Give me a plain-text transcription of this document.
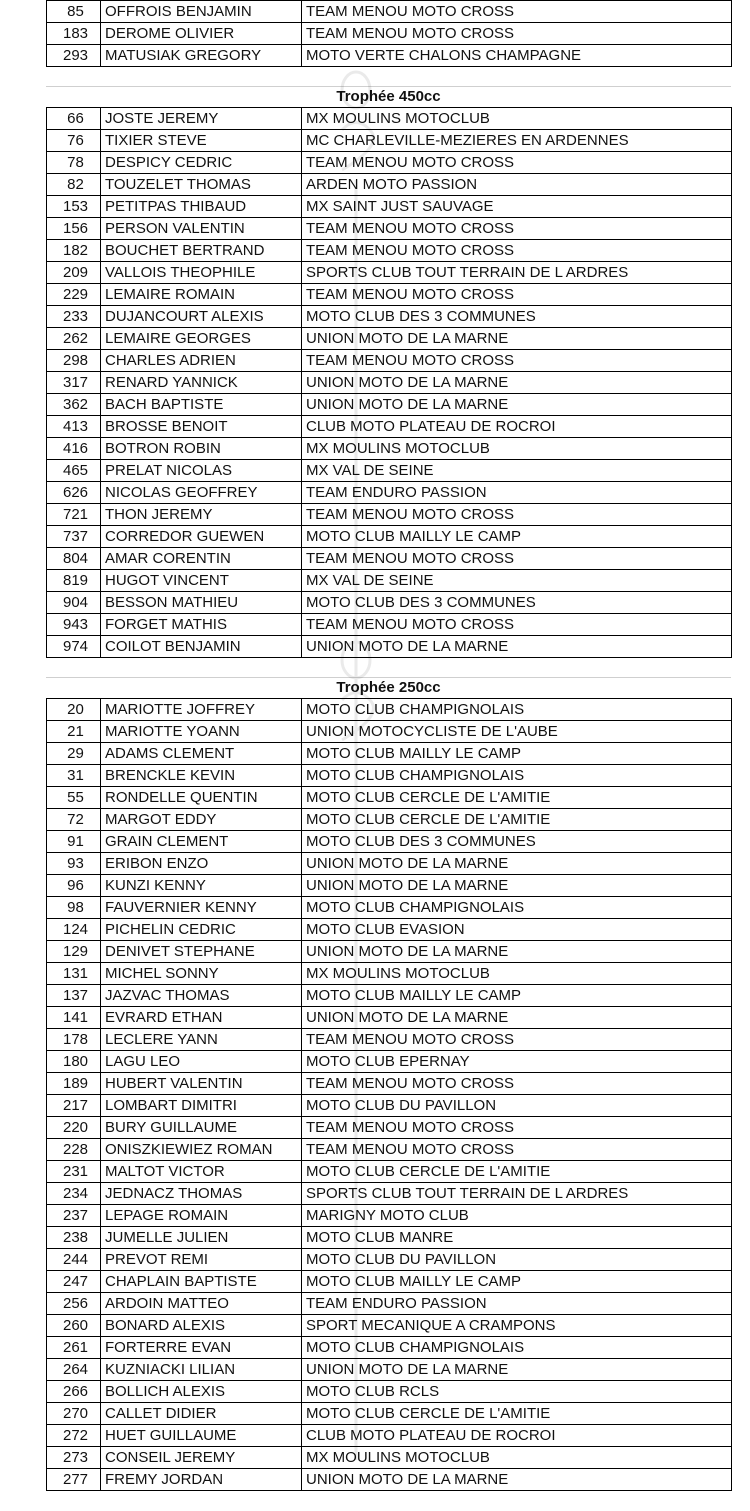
85	OFFROIS BENJAMIN	TEAM MENOU MOTO CROSS
183	DEROME OLIVIER	TEAM MENOU MOTO CROSS
293	MATUSIAK GREGORY	MOTO VERTE CHALONS CHAMPAGNE
Trophée 450cc
66	JOSTE JEREMY	MX MOULINS MOTOCLUB
76	TIXIER STEVE	MC CHARLEVILLE-MEZIERES EN ARDENNES
78	DESPICY CEDRIC	TEAM MENOU MOTO CROSS
82	TOUZELET THOMAS	ARDEN MOTO PASSION
153	PETITPAS THIBAUD	MX SAINT JUST SAUVAGE
156	PERSON VALENTIN	TEAM MENOU MOTO CROSS
182	BOUCHET BERTRAND	TEAM MENOU MOTO CROSS
209	VALLOIS THEOPHILE	SPORTS CLUB TOUT TERRAIN DE L ARDRES
229	LEMAIRE ROMAIN	TEAM MENOU MOTO CROSS
233	DUJANCOURT ALEXIS	MOTO CLUB DES 3 COMMUNES
262	LEMAIRE GEORGES	UNION MOTO DE LA MARNE
298	CHARLES ADRIEN	TEAM MENOU MOTO CROSS
317	RENARD YANNICK	UNION MOTO DE LA MARNE
362	BACH BAPTISTE	UNION MOTO DE LA MARNE
413	BROSSE BENOIT	CLUB MOTO PLATEAU DE ROCROI
416	BOTRON ROBIN	MX MOULINS MOTOCLUB
465	PRELAT NICOLAS	MX VAL DE SEINE
626	NICOLAS GEOFFREY	TEAM ENDURO PASSION
721	THON JEREMY	TEAM MENOU MOTO CROSS
737	CORREDOR GUEWEN	MOTO CLUB MAILLY LE CAMP
804	AMAR CORENTIN	TEAM MENOU MOTO CROSS
819	HUGOT VINCENT	MX VAL DE SEINE
904	BESSON MATHIEU	MOTO CLUB DES 3 COMMUNES
943	FORGET MATHIS	TEAM MENOU MOTO CROSS
974	COILOT BENJAMIN	UNION MOTO DE LA MARNE
Trophée 250cc
20	MARIOTTE JOFFREY	MOTO CLUB CHAMPIGNOLAIS
21	MARIOTTE YOANN	UNION MOTOCYCLISTE DE L'AUBE
29	ADAMS CLEMENT	MOTO CLUB MAILLY LE CAMP
31	BRENCKLE KEVIN	MOTO CLUB CHAMPIGNOLAIS
55	RONDELLE QUENTIN	MOTO CLUB CERCLE DE L'AMITIE
72	MARGOT EDDY	MOTO CLUB CERCLE DE L'AMITIE
91	GRAIN CLEMENT	MOTO CLUB DES 3 COMMUNES
93	ERIBON ENZO	UNION MOTO DE LA MARNE
96	KUNZI KENNY	UNION MOTO DE LA MARNE
98	FAUVERNIER KENNY	MOTO CLUB CHAMPIGNOLAIS
124	PICHELIN CEDRIC	MOTO CLUB EVASION
129	DENIVET STEPHANE	UNION MOTO DE LA MARNE
131	MICHEL SONNY	MX MOULINS MOTOCLUB
137	JAZVAC THOMAS	MOTO CLUB MAILLY LE CAMP
141	EVRARD ETHAN	UNION MOTO DE LA MARNE
178	LECLERE YANN	TEAM MENOU MOTO CROSS
180	LAGU LEO	MOTO CLUB EPERNAY
189	HUBERT VALENTIN	TEAM MENOU MOTO CROSS
217	LOMBART DIMITRI	MOTO CLUB DU PAVILLON
220	BURY GUILLAUME	TEAM MENOU MOTO CROSS
228	ONISZKIEWIEZ ROMAN	TEAM MENOU MOTO CROSS
231	MALTOT VICTOR	MOTO CLUB CERCLE DE L'AMITIE
234	JEDNACZ THOMAS	SPORTS CLUB TOUT TERRAIN DE L ARDRES
237	LEPAGE ROMAIN	MARIGNY MOTO CLUB
238	JUMELLE JULIEN	MOTO CLUB MANRE
244	PREVOT REMI	MOTO CLUB DU PAVILLON
247	CHAPLAIN BAPTISTE	MOTO CLUB MAILLY LE CAMP
256	ARDOIN MATTEO	TEAM ENDURO PASSION
260	BONARD ALEXIS	SPORT MECANIQUE A CRAMPONS
261	FORTERRE EVAN	MOTO CLUB CHAMPIGNOLAIS
264	KUZNIACKI LILIAN	UNION MOTO DE LA MARNE
266	BOLLICH ALEXIS	MOTO CLUB RCLS
270	CALLET DIDIER	MOTO CLUB CERCLE DE L'AMITIE
272	HUET GUILLAUME	CLUB MOTO PLATEAU DE ROCROI
273	CONSEIL JEREMY	MX MOULINS MOTOCLUB
277	FREMY JORDAN	UNION MOTO DE LA MARNE
